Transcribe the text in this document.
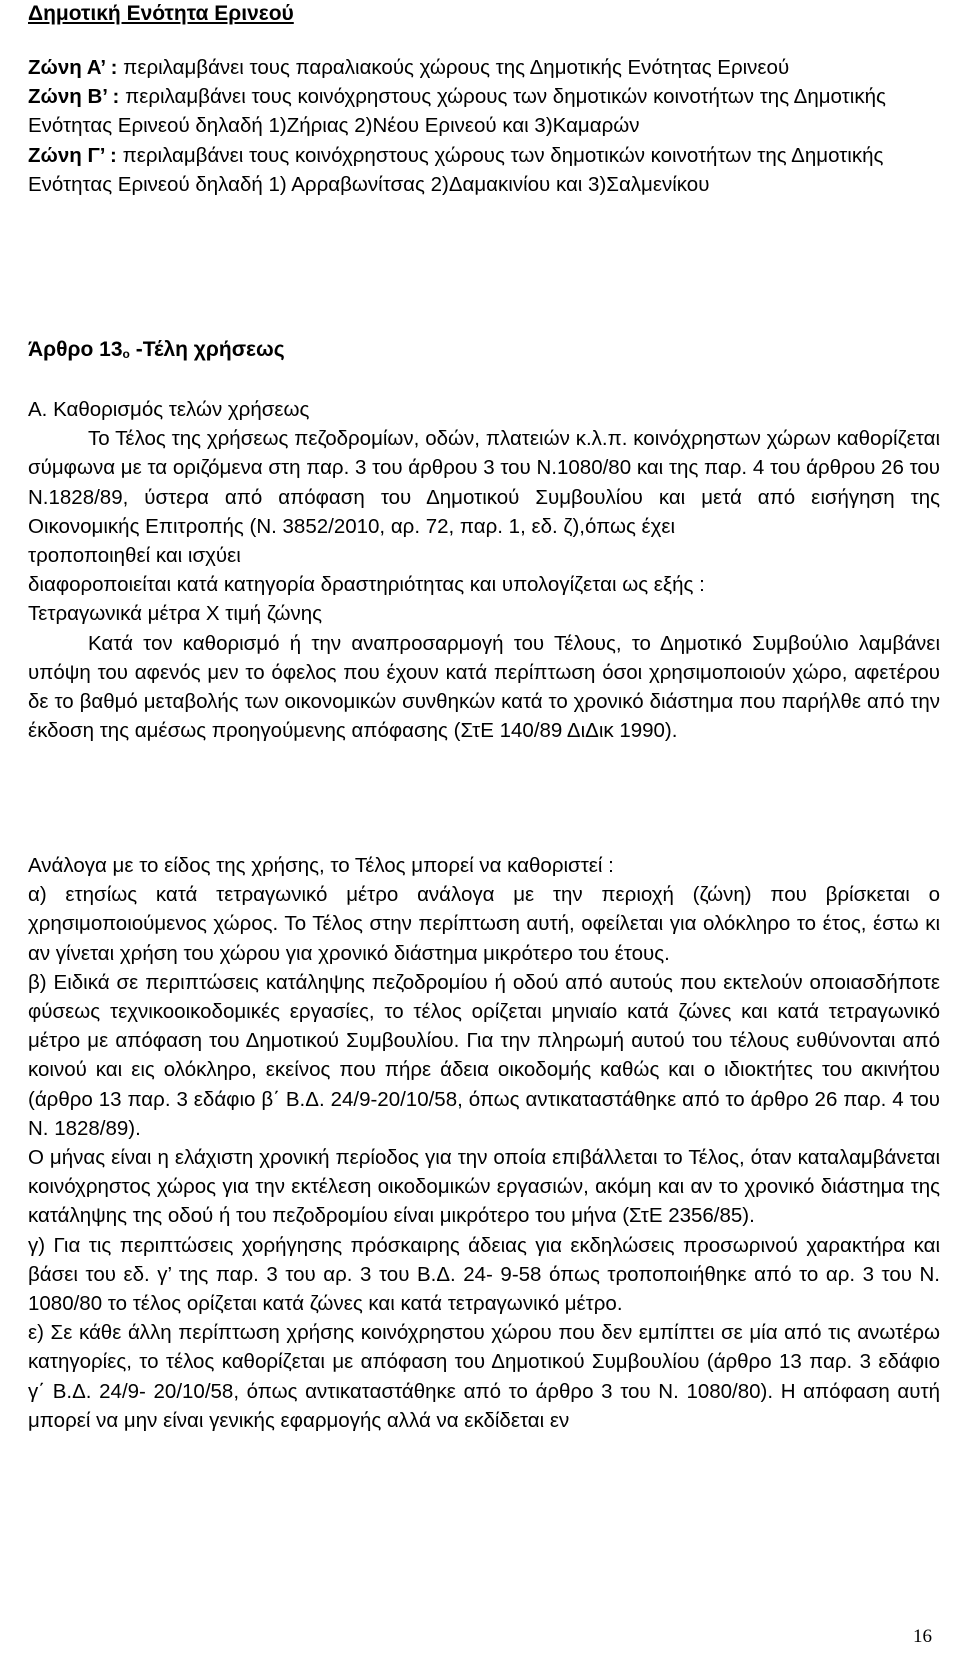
Δημοτική Ενότητα Ερινεού

Ζώνη Α’ : περιλαμβάνει τους παραλιακούς χώρους της Δημοτικής Ενότητας Ερινεού

Ζώνη Β’ : περιλαμβάνει τους κοινόχρηστους χώρους των δημοτικών κοινοτήτων της Δημοτικής Ενότητας Ερινεού δηλαδή 1)Ζήριας 2)Νέου Ερινεού και 3)Καμαρών

Ζώνη Γ’ : περιλαμβάνει τους κοινόχρηστους χώρους των δημοτικών κοινοτήτων της Δημοτικής Ενότητας Ερινεού δηλαδή 1) Αρραβωνίτσας 2)Δαμακινίου και 3)Σαλμενίκου

Άρθρο $13_o$ -Τέλη χρήσεως

Α. Καθορισμός τελών χρήσεως

Το Τέλος της χρήσεως πεζοδρομίων, οδών, πλατειών κ.λ.π. κοινόχρηστων χώρων καθορίζεται σύμφωνα με τα οριζόμενα στη παρ. 3 του άρθρου 3 του Ν.1080/80 και της παρ. 4 του άρθρου 26 του Ν.1828/89, ύστερα από απόφαση του Δημοτικού Συμβουλίου και μετά από εισήγηση της Οικονομικής Επιτροπής (Ν. 3852/2010, αρ. 72, παρ. 1, εδ. ζ),όπως έχει

τροποποιηθεί και ισχύει

διαφοροποιείται κατά κατηγορία δραστηριότητας και υπολογίζεται ως εξής :

Τετραγωνικά μέτρα Χ τιμή ζώνης

Κατά τον καθορισμό ή την αναπροσαρμογή του Τέλους, το Δημοτικό Συμβούλιο λαμβάνει υπόψη του αφενός μεν το όφελος που έχουν κατά περίπτωση όσοι χρησιμοποιούν χώρο, αφετέρου δε το βαθμό μεταβολής των οικονομικών συνθηκών κατά το χρονικό διάστημα που παρήλθε από την έκδοση της αμέσως προηγούμενης απόφασης (ΣτΕ 140/89 ΔιΔικ 1990).

Ανάλογα με το είδος της χρήσης, το Τέλος μπορεί να καθοριστεί :

α) ετησίως κατά τετραγωνικό μέτρο ανάλογα με την περιοχή (ζώνη) που βρίσκεται ο χρησιμοποιούμενος χώρος. Το Τέλος στην περίπτωση αυτή, οφείλεται για ολόκληρο το έτος, έστω κι αν γίνεται χρήση του χώρου για χρονικό διάστημα μικρότερο του έτους.

β) Ειδικά σε περιπτώσεις κατάληψης πεζοδρομίου ή οδού από αυτούς που εκτελούν οποιασδήποτε φύσεως τεχνικοοικοδομικές εργασίες, το τέλος ορίζεται μηνιαίο κατά ζώνες και κατά τετραγωνικό μέτρο με απόφαση του Δημοτικού Συμβουλίου. Για την πληρωμή αυτού του τέλους ευθύνονται από κοινού και εις ολόκληρο, εκείνος που πήρε άδεια οικοδομής καθώς και ο ιδιοκτήτες του ακινήτου (άρθρο 13 παρ. 3 εδάφιο β΄ Β.Δ. 24/9-20/10/58, όπως αντικαταστάθηκε από το άρθρο 26 παρ. 4 του Ν. 1828/89).

Ο μήνας είναι η ελάχιστη χρονική περίοδος για την οποία επιβάλλεται το Τέλος, όταν καταλαμβάνεται κοινόχρηστος χώρος για την εκτέλεση οικοδομικών εργασιών, ακόμη και αν το χρονικό διάστημα της κατάληψης της οδού ή του πεζοδρομίου είναι μικρότερο του μήνα (ΣτΕ 2356/85).

γ) Για τις περιπτώσεις χορήγησης πρόσκαιρης άδειας για εκδηλώσεις προσωρινού χαρακτήρα και βάσει του εδ. γ’ της παρ. 3 του αρ. 3 του Β.Δ. 24- 9-58 όπως τροποποιήθηκε από το αρ. 3 του Ν. 1080/80 το τέλος ορίζεται κατά ζώνες και κατά τετραγωνικό μέτρο.

ε) Σε κάθε άλλη περίπτωση χρήσης κοινόχρηστου χώρου που δεν εμπίπτει σε μία από τις ανωτέρω κατηγορίες, το τέλος καθορίζεται με απόφαση του Δημοτικού Συμβουλίου (άρθρο 13 παρ. 3 εδάφιο γ΄ Β.Δ. 24/9- 20/10/58, όπως αντικαταστάθηκε από το άρθρο 3 του Ν. 1080/80). Η απόφαση αυτή μπορεί να μην είναι γενικής εφαρμογής αλλά να εκδίδεται εν

16
